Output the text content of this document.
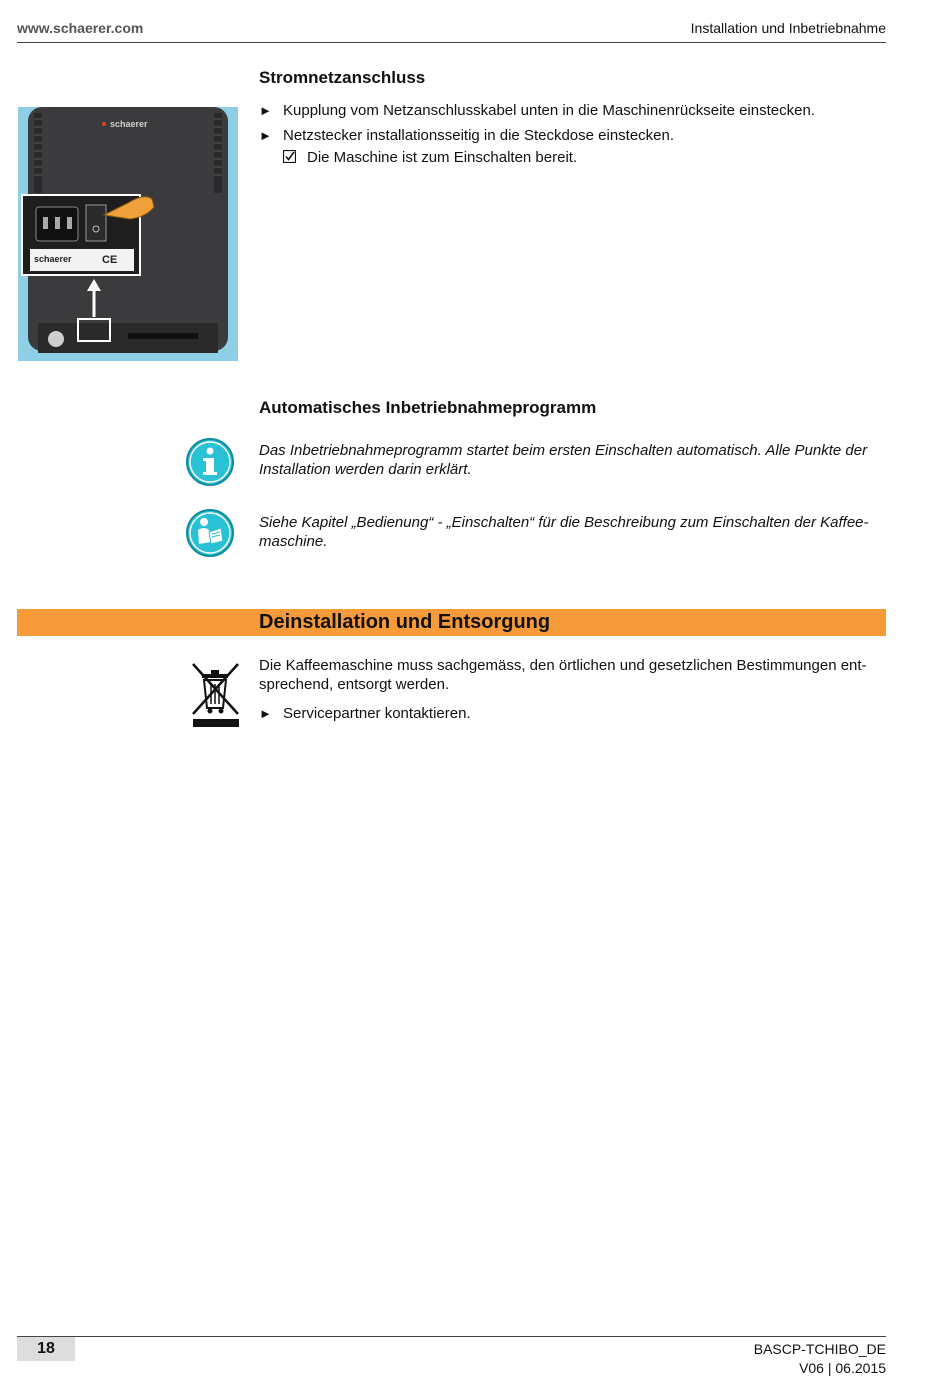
www.schaerer.com	Installation und Inbetriebnahme
Stromnetzanschluss
schaerer
schaerer	CE
► Kupplung vom Netzanschlusskabel unten in die Maschinenrückseite einstecken.
► Netzstecker installationsseitig in die Steckdose einstecken.
Die Maschine ist zum Einschalten bereit.
Automatisches Inbetriebnahmeprogramm
Das Inbetriebnahmeprogramm startet beim ersten Einschalten automatisch. Alle Punkte der
Installation werden darin erklärt.
Siehe Kapitel „Bedienung“ - „Einschalten“ für die Beschreibung zum Einschalten der Kaffee-
maschine.
Deinstallation und Entsorgung
Die Kaffeemaschine muss sachgemäss, den örtlichen und gesetzlichen Bestimmungen ent-
sprechend, entsorgt werden.
► Servicepartner kontaktieren.
18	BASCP-TCHIBO_DE
V06 | 06.2015
